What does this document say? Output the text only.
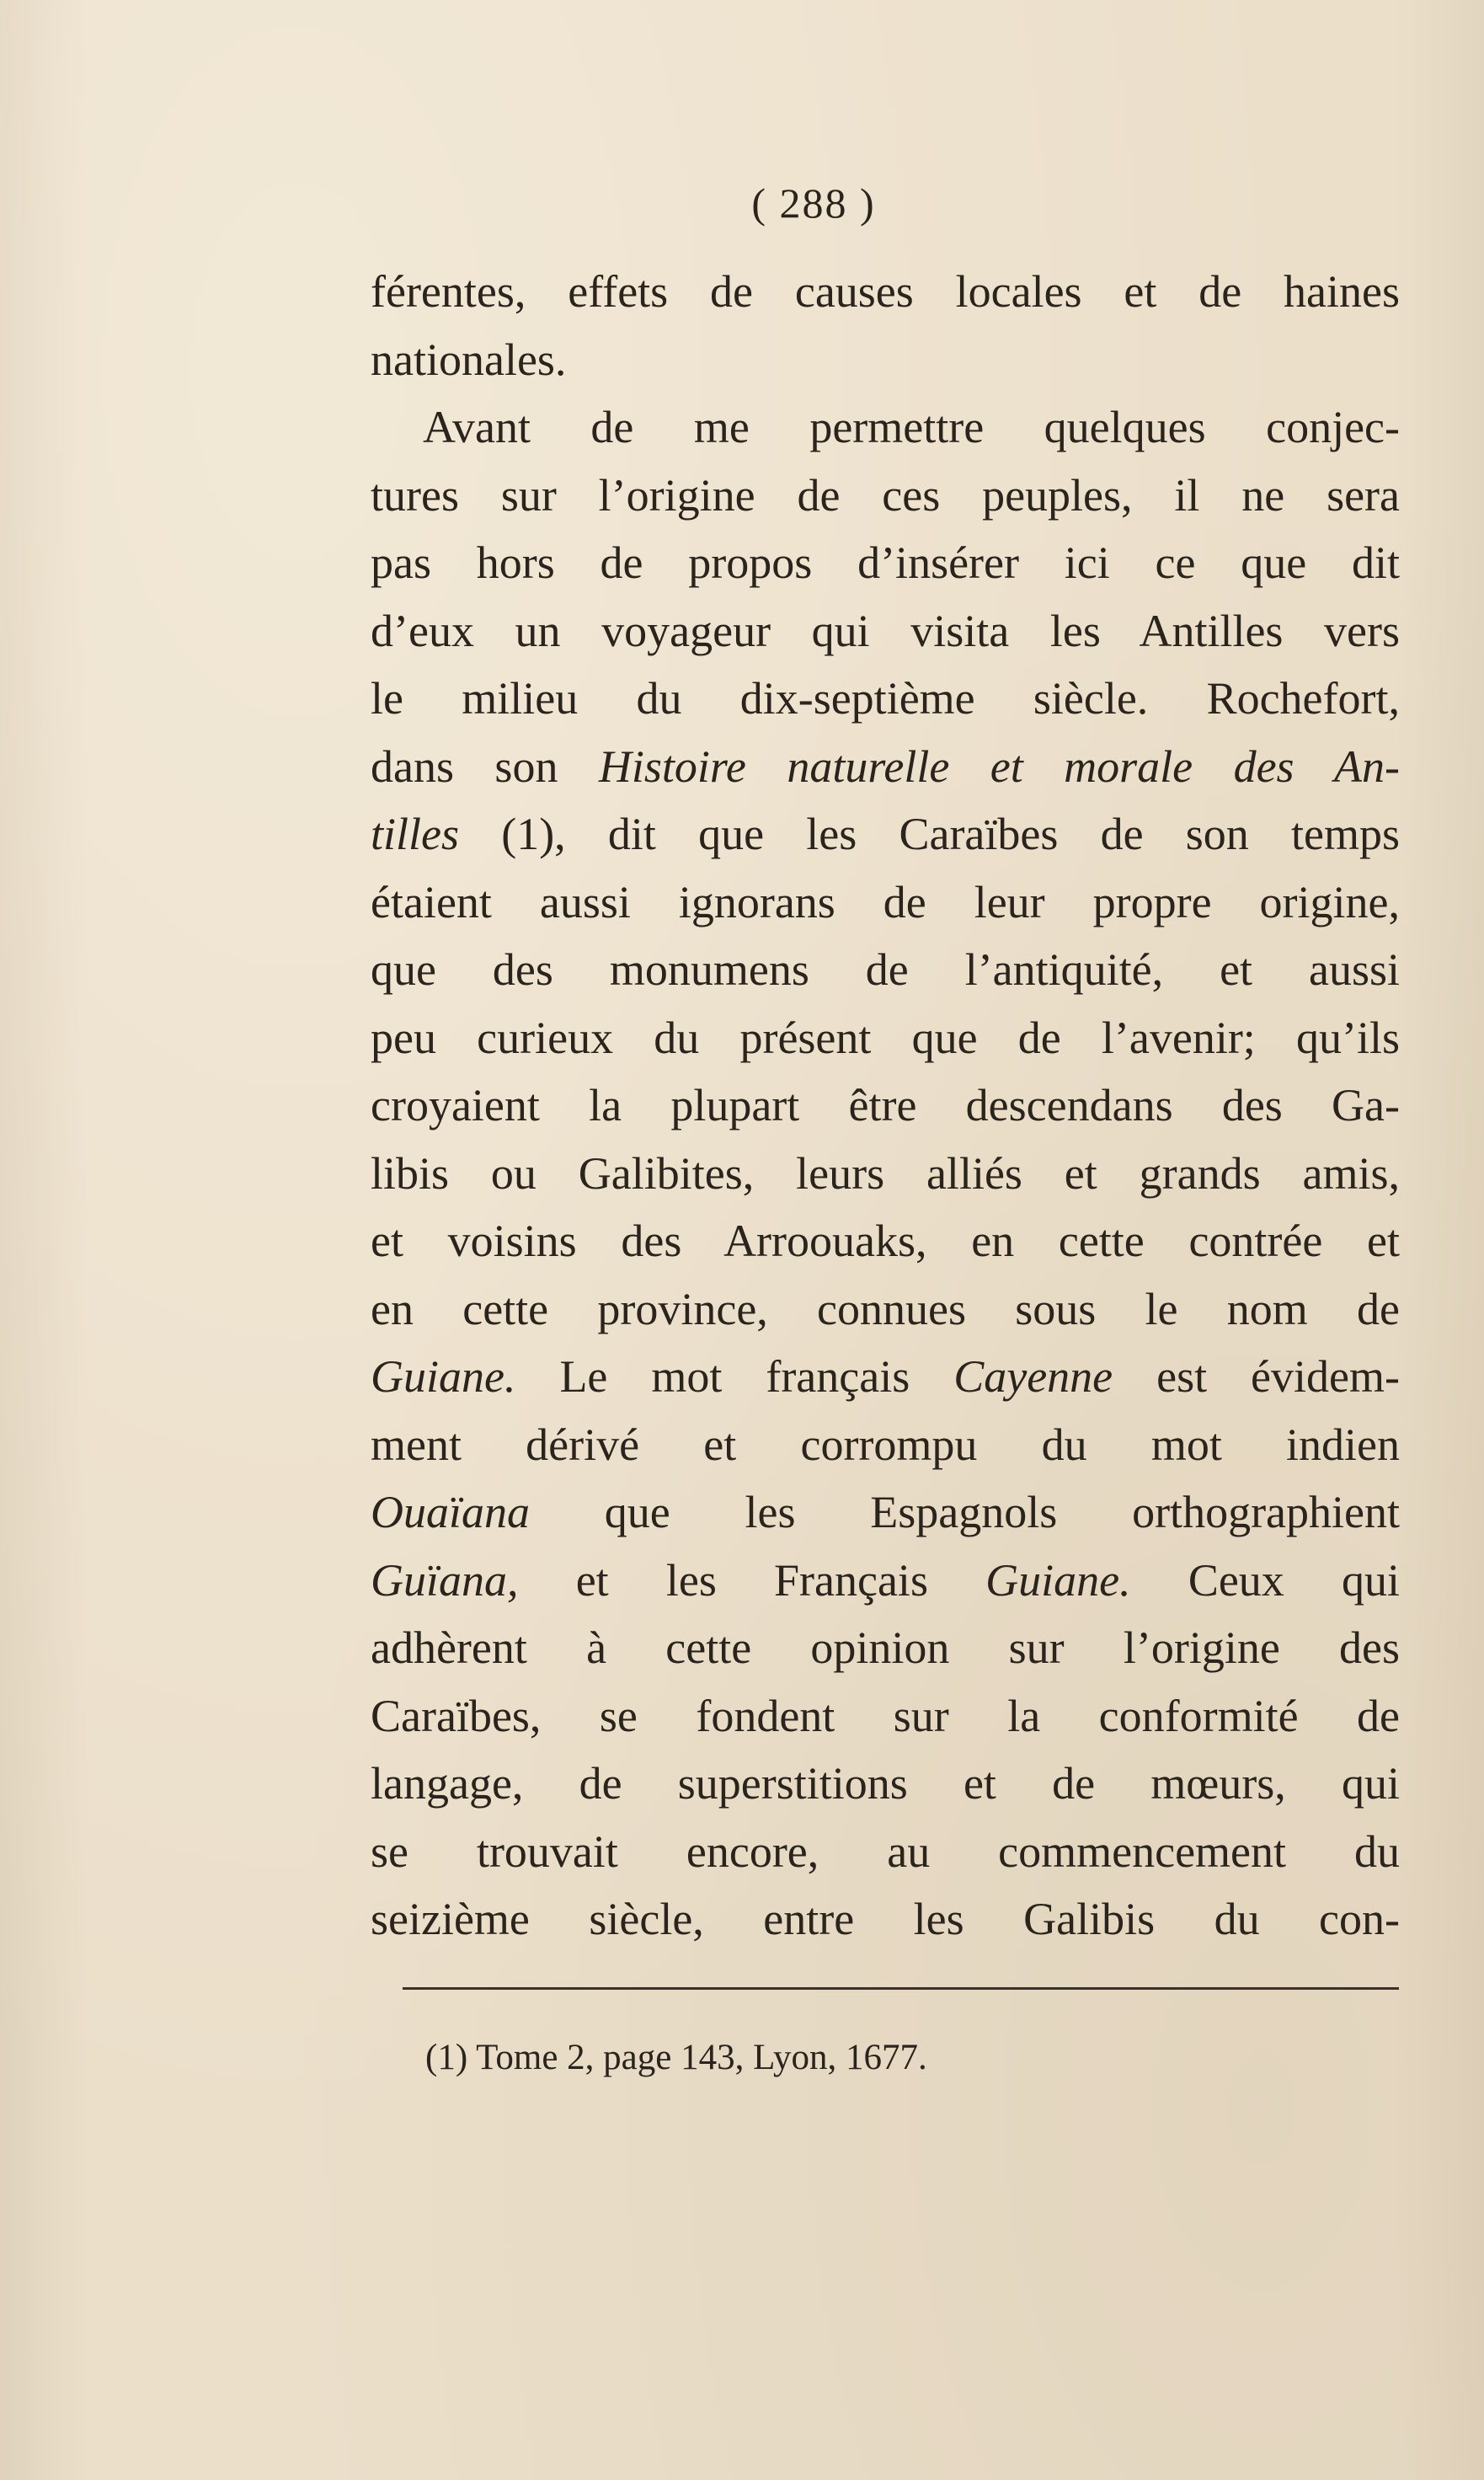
( 288 )
férentes, effets de causes locales et de haines
nationales.
Avant de me permettre quelques conjec-
tures sur l’origine de ces peuples, il ne sera
pas hors de propos d’insérer ici ce que dit
d’eux un voyageur qui visita les Antilles vers
le milieu du dix-septième siècle. Rochefort,
dans son Histoire naturelle et morale des An-
tilles (1), dit que les Caraïbes de son temps
étaient aussi ignorans de leur propre origine,
que des monumens de l’antiquité, et aussi
peu curieux du présent que de l’avenir; qu’ils
croyaient la plupart être descendans des Ga-
libis ou Galibites, leurs alliés et grands amis,
et voisins des Arroouaks, en cette contrée et
en cette province, connues sous le nom de
Guiane. Le mot français Cayenne est évidem-
ment dérivé et corrompu du mot indien
Ouaïana que les Espagnols orthographient
Guïana, et les Français Guiane. Ceux qui
adhèrent à cette opinion sur l’origine des
Caraïbes, se fondent sur la conformité de
langage, de superstitions et de mœurs, qui
se trouvait encore, au commencement du
seizième siècle, entre les Galibis du con-
(1) Tome 2, page 143, Lyon, 1677.
